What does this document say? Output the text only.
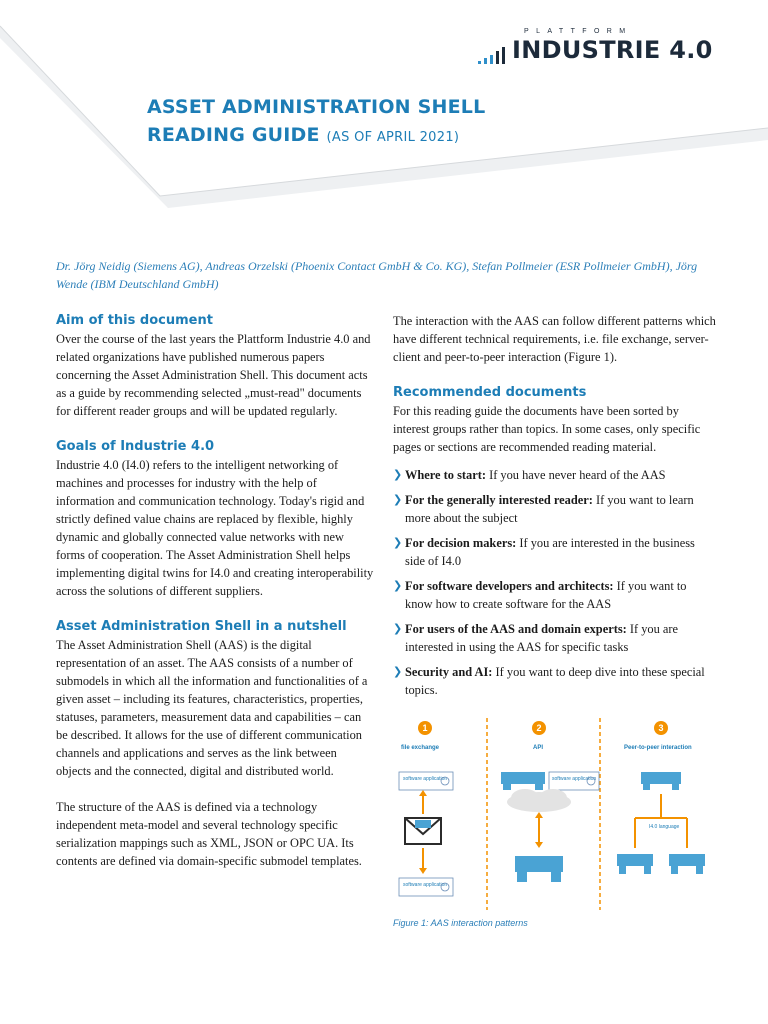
PLATTFORM
INDUSTRIE 4.0
ASSET ADMINISTRATION SHELL
READING GUIDE (AS OF APRIL 2021)
Dr. Jörg Neidig (Siemens AG), Andreas Orzelski (Phoenix Contact GmbH & Co. KG), Stefan Pollmeier (ESR Pollmeier GmbH), Jörg Wende (IBM Deutschland GmbH)
Aim of this document

Over the course of the last years the Plattform Industrie 4.0 and related organizations have published numerous papers concerning the Asset Administration Shell. This document acts as a guide by recommending selected „must-read" documents for different reader groups and will be updated regularly.

Goals of Industrie 4.0

Industrie 4.0 (I4.0) refers to the intelligent networking of machines and processes for industry with the help of information and communication technology. Today's rigid and strictly defined value chains are replaced by flexible, highly dynamic and globally connected value networks with new forms of cooperation. The Asset Administration Shell helps implementing digital twins for I4.0 and creating interoperability across the solutions of different suppliers.

Asset Administration Shell in a nutshell

The Asset Administration Shell (AAS) is the digital representation of an asset. The AAS consists of a number of submodels in which all the information and functionalities of a given asset – including its features, characteristics, properties, statuses, parameters, measurement data and capabilities – can be described. It allows for the use of different communication channels and applications and serves as the link between objects and the connected, digital and distributed world.

The structure of the AAS is defined via a technology independent meta-model and several technology specific serialization mappings such as XML, JSON or OPC UA. Its contents are defined via domain-specific submodel templates.

The interaction with the AAS can follow different patterns which have different technical requirements, i.e. file exchange, server-client and peer-to-peer interaction (Figure 1).

Recommended documents

For this reading guide the documents have been sorted by interest groups rather than topics. In some cases, only specific pages or sections are recommended reading material.

❯ Where to start: If you have never heard of the AAS
❯ For the generally interested reader: If you want to learn more about the subject
❯ For decision makers: If you are interested in the business side of I4.0
❯ For software developers and architects: If you want to know how to create software for the AAS
❯ For users of the AAS and domain experts: If you are interested in using the AAS for specific tasks
❯ Security and AI: If you want to deep dive into these special topics.
1
file exchange
software application
software application
2
API
software application
3
Peer-to-peer interaction
I4.0 language
Figure 1: AAS interaction patterns
